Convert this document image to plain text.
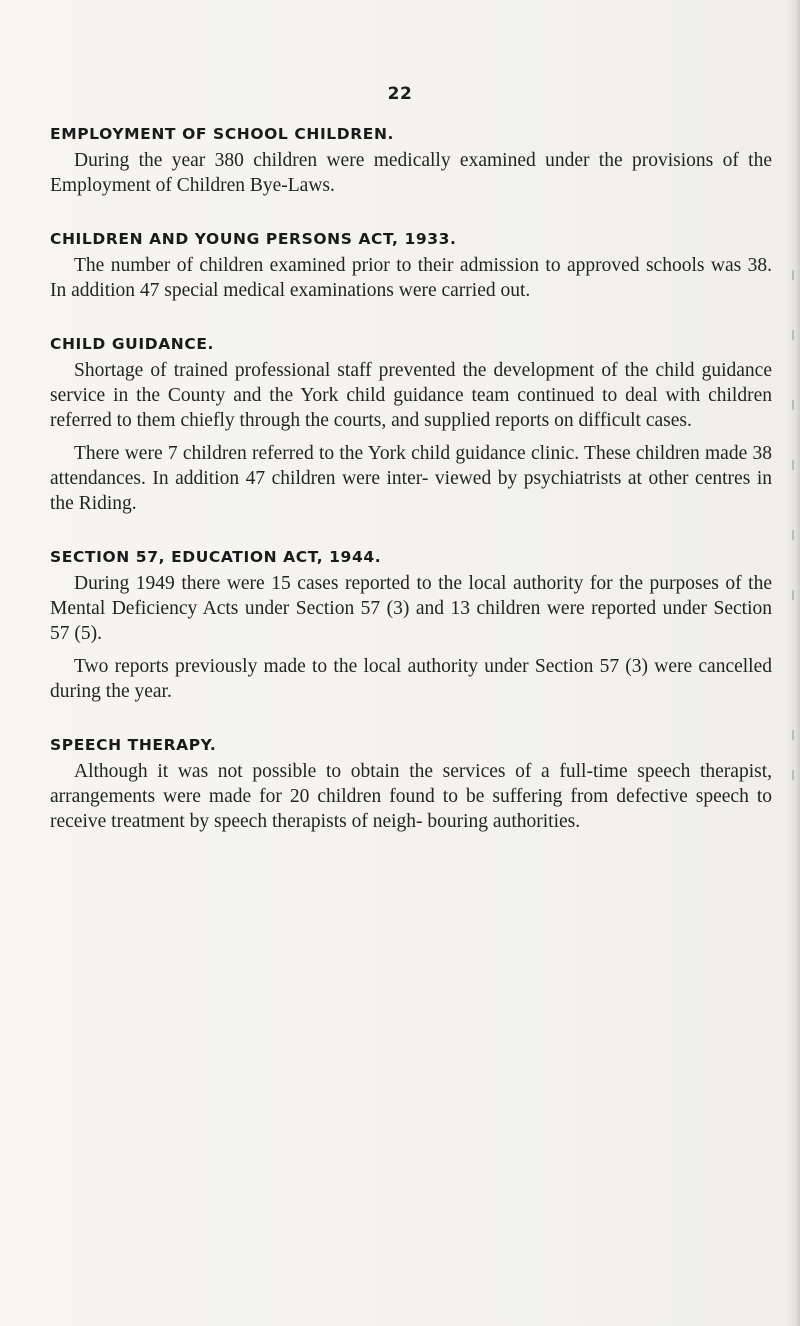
22
EMPLOYMENT OF SCHOOL CHILDREN.

During the year 380 children were medically examined under the provisions of the Employment of Children Bye-Laws.

CHILDREN AND YOUNG PERSONS ACT, 1933.

The number of children examined prior to their admission to approved schools was 38. In addition 47 special medical examinations were carried out.

CHILD GUIDANCE.

Shortage of trained professional staff prevented the development of the child guidance service in the County and the York child guidance team continued to deal with children referred to them chiefly through the courts, and supplied reports on difficult cases.

There were 7 children referred to the York child guidance clinic. These children made 38 attendances. In addition 47 children were inter- viewed by psychiatrists at other centres in the Riding.

SECTION 57, EDUCATION ACT, 1944.

During 1949 there were 15 cases reported to the local authority for the purposes of the Mental Deficiency Acts under Section 57 (3) and 13 children were reported under Section 57 (5).

Two reports previously made to the local authority under Section 57 (3) were cancelled during the year.

SPEECH THERAPY.

Although it was not possible to obtain the services of a full-time speech therapist, arrangements were made for 20 children found to be suffering from defective speech to receive treatment by speech therapists of neigh- bouring authorities.
